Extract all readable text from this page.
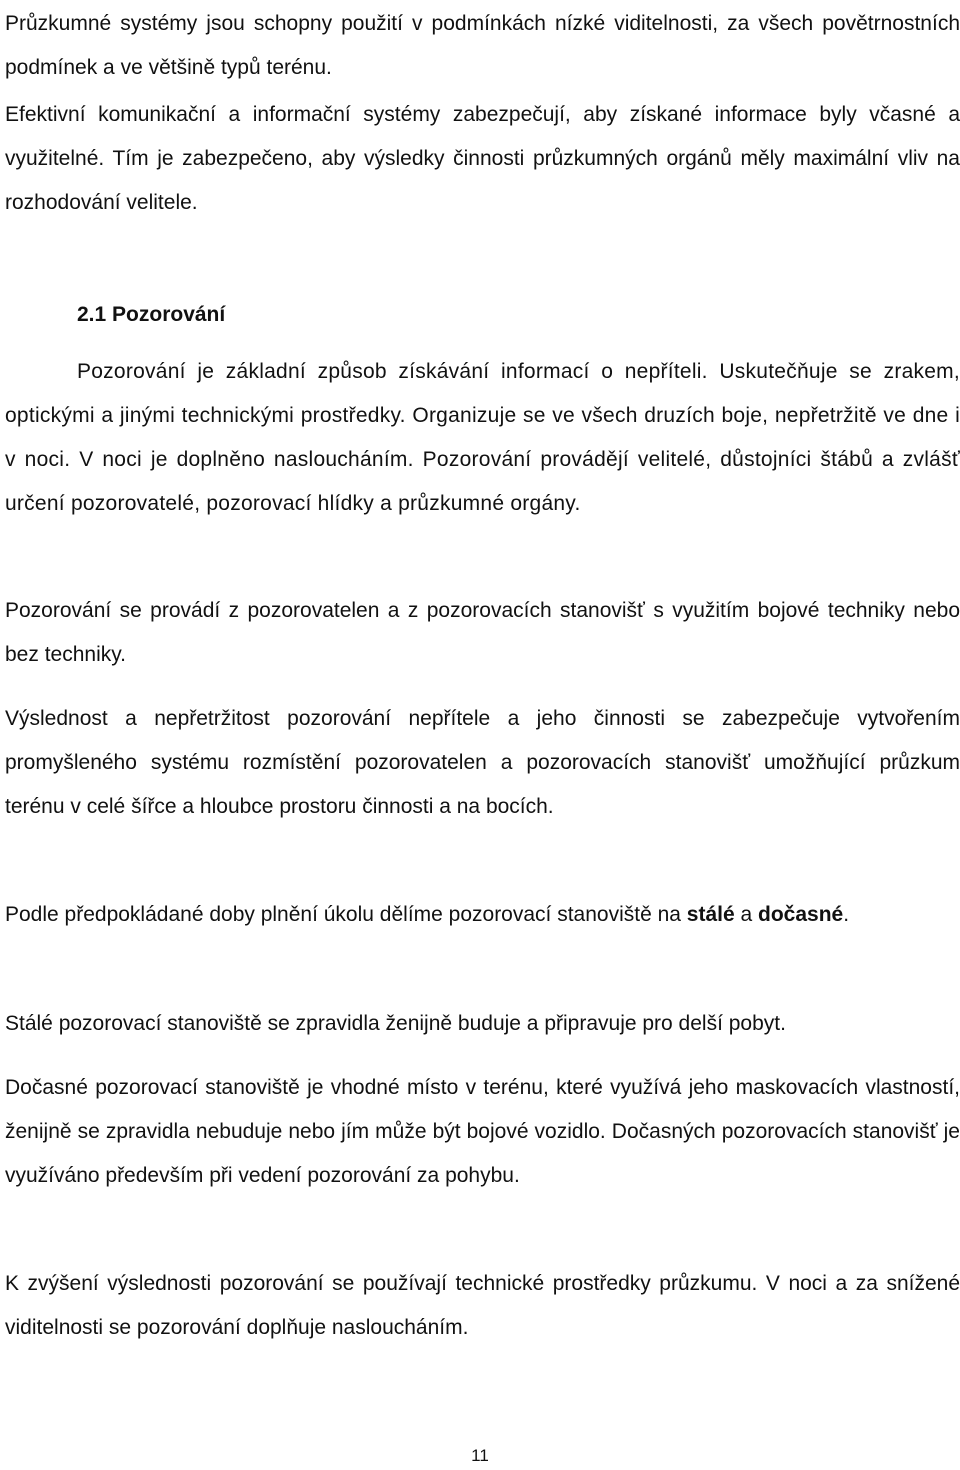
Průzkumné systémy jsou schopny použití v podmínkách nízké viditelnosti, za všech povětrnostních podmínek a ve většině typů terénu.

Efektivní komunikační a informační systémy zabezpečují, aby získané informace byly včasné a využitelné. Tím je zabezpečeno, aby výsledky činnosti průzkumných orgánů měly maximální vliv na rozhodování velitele.

2.1 Pozorování

Pozorování je základní způsob získávání informací o nepříteli. Uskutečňuje se zrakem, optickými a jinými technickými prostředky. Organizuje se ve všech druzích boje, nepřetržitě ve dne i v noci. V noci je doplněno nasloucháním. Pozorování provádějí velitelé, důstojníci štábů a zvlášť určení pozorovatelé, pozorovací hlídky a průzkumné orgány.

Pozorování se provádí z pozorovatelen a z pozorovacích stanovišť s využitím bojové techniky nebo bez techniky.

Výslednost a nepřetržitost pozorování nepřítele a jeho činnosti se zabezpečuje vytvořením promyšleného systému rozmístění pozorovatelen a pozorovacích stanovišť umožňující průzkum terénu v celé šířce a hloubce prostoru činnosti a na bocích.

Podle předpokládané doby plnění úkolu dělíme pozorovací stanoviště na stálé a dočasné.

Stálé pozorovací stanoviště se zpravidla ženijně buduje a připravuje pro delší pobyt.

Dočasné pozorovací stanoviště je vhodné místo v terénu, které využívá jeho maskovacích vlastností, ženijně se zpravidla nebuduje nebo jím může být bojové vozidlo. Dočasných pozorovacích stanovišť je využíváno především při vedení pozorování za pohybu.

K zvýšení výslednosti pozorování se používají technické prostředky průzkumu. V noci a za snížené viditelnosti se pozorování doplňuje nasloucháním.

11
